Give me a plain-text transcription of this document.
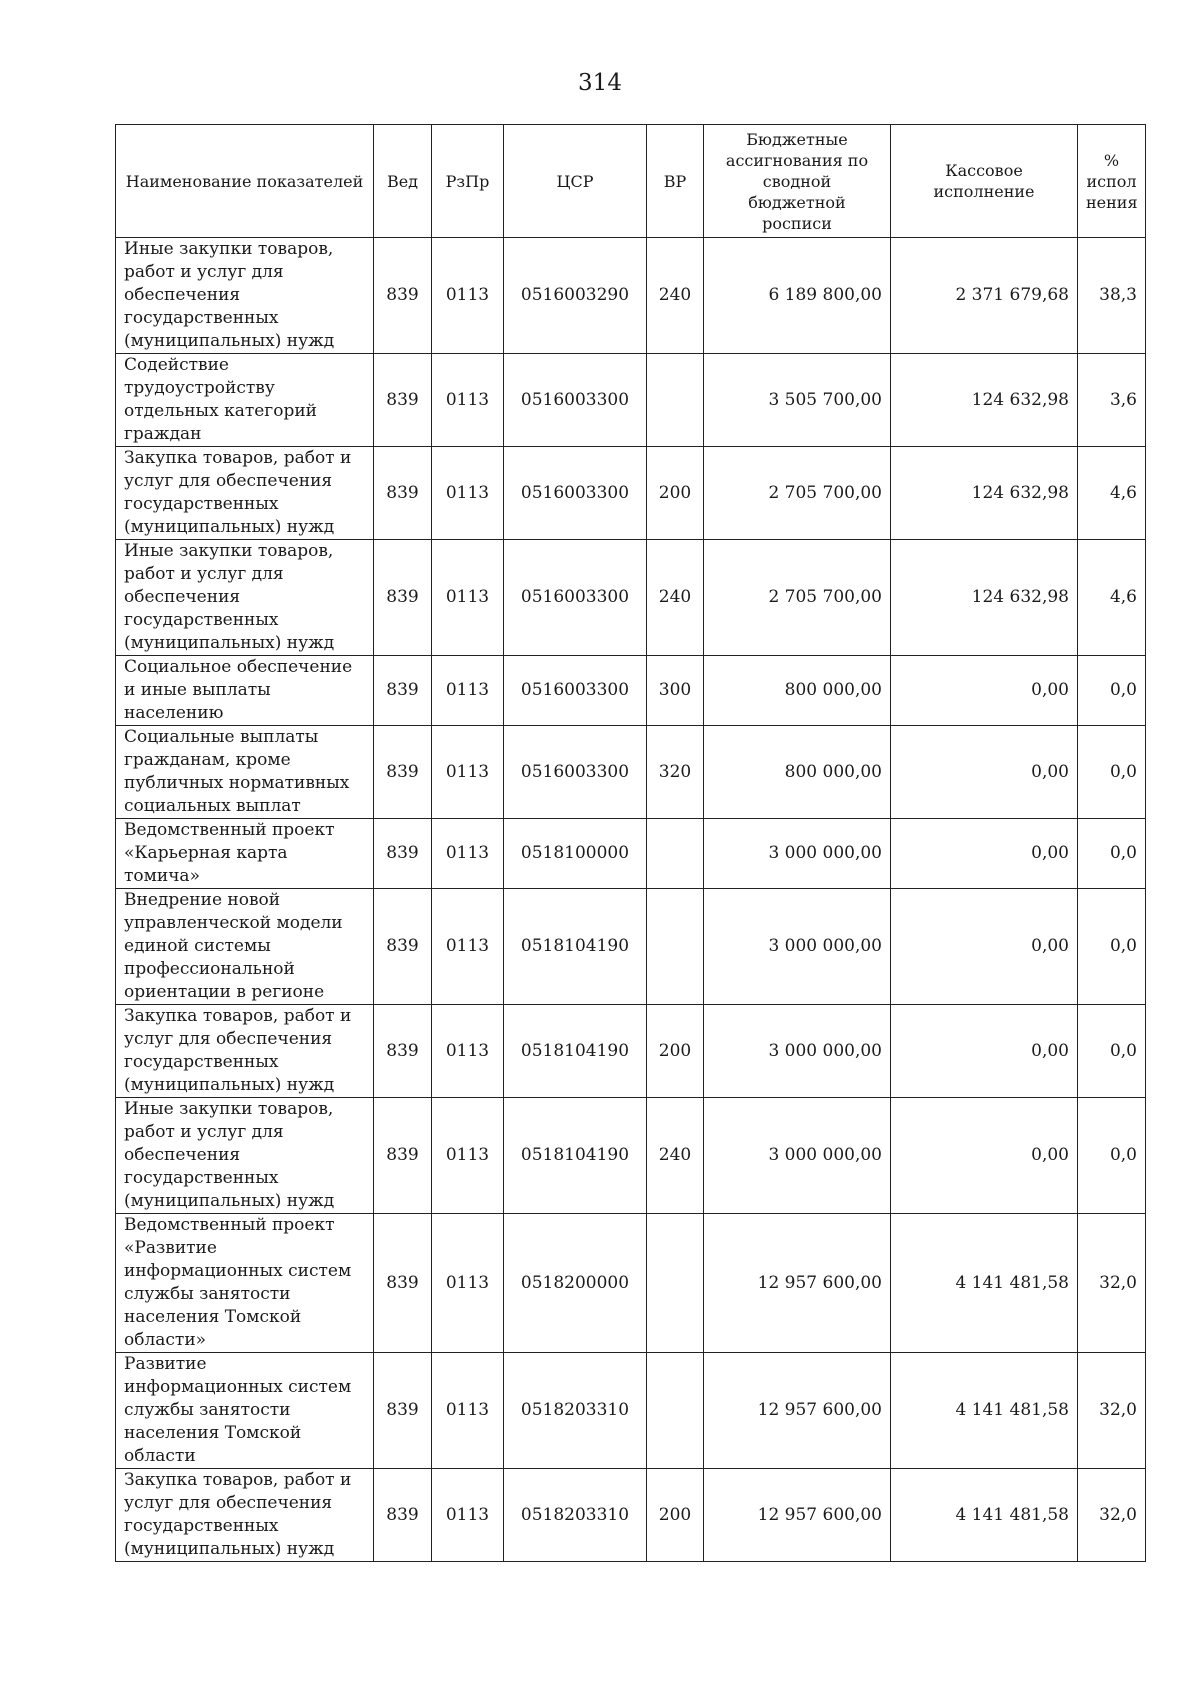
314
Наименование показателей	Вед	РзПр	ЦСР	ВР	Бюджетные ассигнования по сводной бюджетной росписи	Кассовое исполнение	% испол нения
Иные закупки товаров, работ и услуг для обеспечения государственных (муниципальных) нужд	839	0113	0516003290	240	6 189 800,00	2 371 679,68	38,3
Содействие трудоустройству отдельных категорий граждан	839	0113	0516003300		3 505 700,00	124 632,98	3,6
Закупка товаров, работ и услуг для обеспечения государственных (муниципальных) нужд	839	0113	0516003300	200	2 705 700,00	124 632,98	4,6
Иные закупки товаров, работ и услуг для обеспечения государственных (муниципальных) нужд	839	0113	0516003300	240	2 705 700,00	124 632,98	4,6
Социальное обеспечение и иные выплаты населению	839	0113	0516003300	300	800 000,00	0,00	0,0
Социальные выплаты гражданам, кроме публичных нормативных социальных выплат	839	0113	0516003300	320	800 000,00	0,00	0,0
Ведомственный проект «Карьерная карта томича»	839	0113	0518100000		3 000 000,00	0,00	0,0
Внедрение новой управленческой модели единой системы профессиональной ориентации в регионе	839	0113	0518104190		3 000 000,00	0,00	0,0
Закупка товаров, работ и услуг для обеспечения государственных (муниципальных) нужд	839	0113	0518104190	200	3 000 000,00	0,00	0,0
Иные закупки товаров, работ и услуг для обеспечения государственных (муниципальных) нужд	839	0113	0518104190	240	3 000 000,00	0,00	0,0
Ведомственный проект «Развитие информационных систем службы занятости населения Томской области»	839	0113	0518200000		12 957 600,00	4 141 481,58	32,0
Развитие информационных систем службы занятости населения Томской области	839	0113	0518203310		12 957 600,00	4 141 481,58	32,0
Закупка товаров, работ и услуг для обеспечения государственных (муниципальных) нужд	839	0113	0518203310	200	12 957 600,00	4 141 481,58	32,0
